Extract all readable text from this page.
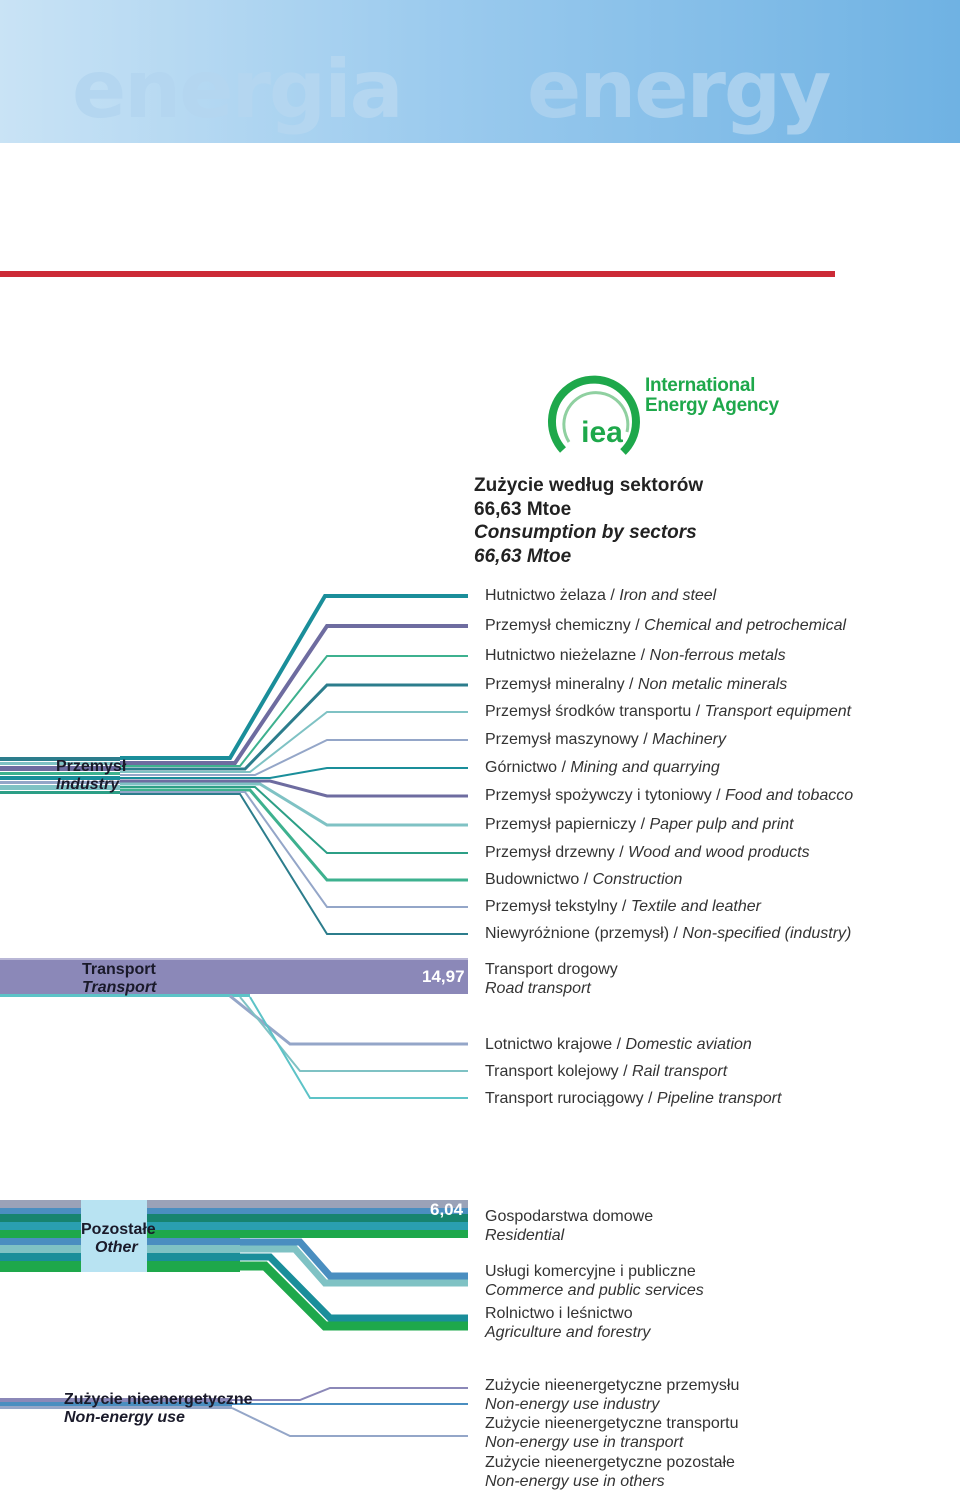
energia energy
iea
International
Energy Agency
Zużycie według sektorów
66,63 Mtoe
Consumption by sectors
66,63 Mtoe
Przemysł
Industry
Transport
Transport
14,97
Pozostałe
Other
6,04
Zużycie nieenergetyczne
Non-energy use
Hutnictwo żelaza / Iron and steel
Przemysł chemiczny / Chemical and petrochemical
Hutnictwo nieżelazne / Non-ferrous metals
Przemysł mineralny / Non metalic minerals
Przemysł środków transportu / Transport equipment
Przemysł maszynowy / Machinery
Górnictwo / Mining and quarrying
Przemysł spożywczy i tytoniowy / Food and tobacco
Przemysł papierniczy / Paper pulp and print
Przemysł drzewny / Wood and wood products
Budownictwo / Construction
Przemysł tekstylny / Textile and leather
Niewyróżnione (przemysł) / Non-specified (industry)
Transport drogowy
Road transport
Lotnictwo krajowe / Domestic aviation
Transport kolejowy / Rail transport
Transport rurociągowy / Pipeline transport
Gospodarstwa domowe
Residential
Usługi komercyjne i publiczne
Commerce and public services
Rolnictwo i leśnictwo
Agriculture and forestry
Zużycie nieenergetyczne przemysłu
Non-energy use industry
Zużycie nieenergetyczne transportu
Non-energy use in transport
Zużycie nieenergetyczne pozostałe
Non-energy use in others
